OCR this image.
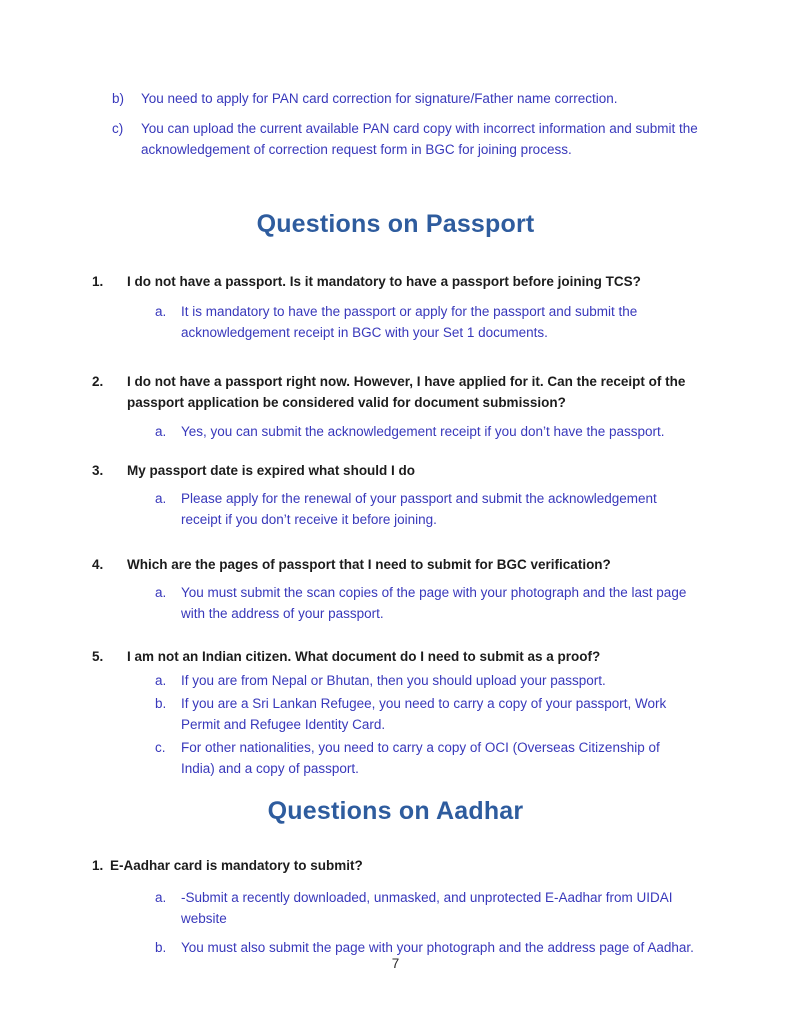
b)	You need to apply for PAN card correction for signature/Father name correction.
c)	You can upload the current available PAN card copy with incorrect information and submit the acknowledgement of correction request form in BGC for joining process.
Questions on Passport
1.	I do not have a passport. Is it mandatory to have a passport before joining TCS?
a.	It is mandatory to have the passport or apply for the passport and submit the acknowledgement receipt in BGC with your Set 1 documents.
2.	I do not have a passport right now. However, I have applied for it. Can the receipt of the passport application be considered valid for document submission?
a.	Yes, you can submit the acknowledgement receipt if you don’t have the passport.
3.	My passport date is expired what should I do
a.	Please apply for the renewal of your passport and submit the acknowledgement receipt if you don’t receive it before joining.
4.	Which are the pages of passport that I need to submit for BGC verification?
a.	You must submit the scan copies of the page with your photograph and the last page with the address of your passport.
5.	I am not an Indian citizen. What document do I need to submit as a proof?
a.	If you are from Nepal or Bhutan, then you should upload your passport.
b.	If you are a Sri Lankan Refugee, you need to carry a copy of your passport, Work Permit and Refugee Identity Card.
c.	For other nationalities, you need to carry a copy of OCI (Overseas Citizenship of India) and a copy of passport.
Questions on Aadhar
1. E-Aadhar card is mandatory to submit?
a.	-Submit a recently downloaded, unmasked, and unprotected E-Aadhar from UIDAI website
b.	You must also submit the page with your photograph and the address page of Aadhar.
7
